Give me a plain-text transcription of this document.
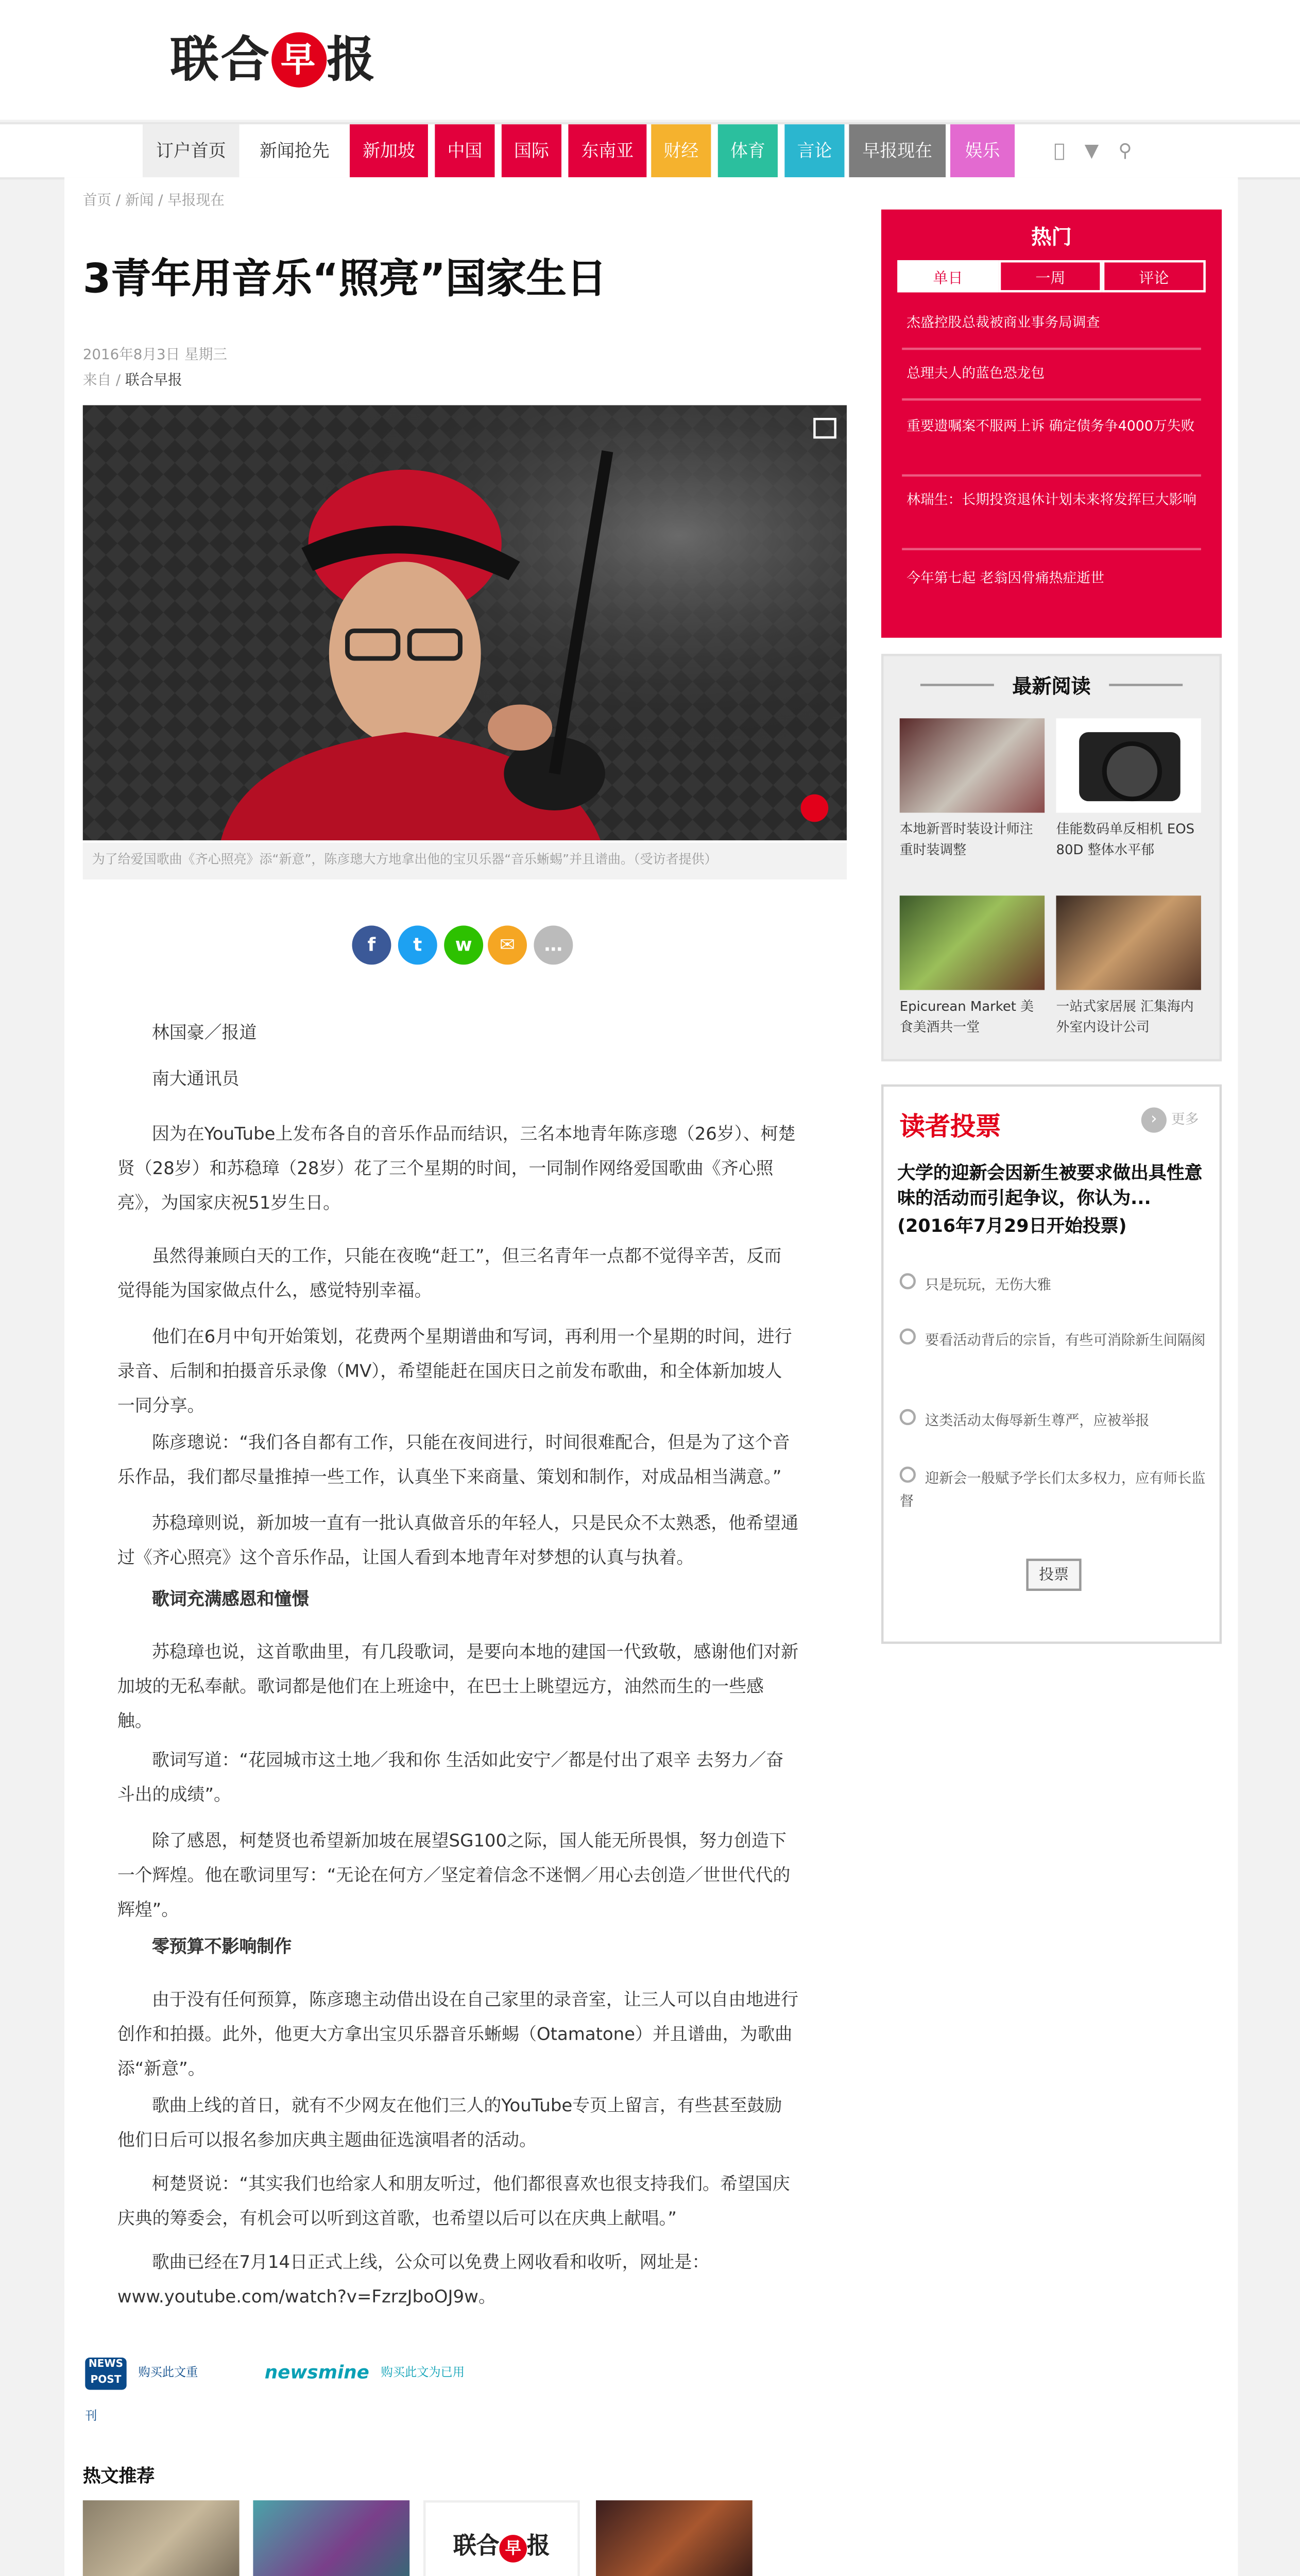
联合 早 报
订户首页	新闻抢先	新加坡	中国	国际	东南亚	财经	体育	言论	早报现在	娱乐	▼	⚲
首页 / 新闻 / 早报现在
3青年用音乐“照亮”国家生日
2016年8月3日 星期三
来自 / 联合早报
为了给爱国歌曲《齐心照亮》添“新意”，陈彦璁大方地拿出他的宝贝乐器“音乐蜥蜴”并且谱曲。（受访者提供）
f	t	w	✉	…

林国豪／报道

南大通讯员

因为在YouTube上发布各自的音乐作品而结识，三名本地青年陈彦璁（26岁）、柯楚贤（28岁）和苏稳璋（28岁）花了三个星期的时间，一同制作网络爱国歌曲《齐心照亮》，为国家庆祝51岁生日。

虽然得兼顾白天的工作，只能在夜晚“赶工”，但三名青年一点都不觉得辛苦，反而觉得能为国家做点什么，感觉特别幸福。

他们在6月中旬开始策划，花费两个星期谱曲和写词，再利用一个星期的时间，进行录音、后制和拍摄音乐录像（MV），希望能赶在国庆日之前发布歌曲，和全体新加坡人一同分享。

陈彦璁说：“我们各自都有工作，只能在夜间进行，时间很难配合，但是为了这个音乐作品，我们都尽量推掉一些工作，认真坐下来商量、策划和制作，对成品相当满意。”

苏稳璋则说，新加坡一直有一批认真做音乐的年轻人，只是民众不太熟悉，他希望通过《齐心照亮》这个音乐作品，让国人看到本地青年对梦想的认真与执着。

歌词充满感恩和憧憬

苏稳璋也说，这首歌曲里，有几段歌词，是要向本地的建国一代致敬，感谢他们对新加坡的无私奉献。歌词都是他们在上班途中，在巴士上眺望远方，油然而生的一些感触。

歌词写道：“花园城市这土地／我和你 生活如此安宁／都是付出了艰辛 去努力／奋斗出的成绩”。

除了感恩，柯楚贤也希望新加坡在展望SG100之际，国人能无所畏惧，努力创造下一个辉煌。他在歌词里写：“无论在何方／坚定着信念不迷惘／用心去创造／世世代代的辉煌”。

零预算不影响制作

由于没有任何预算，陈彦璁主动借出设在自己家里的录音室，让三人可以自由地进行创作和拍摄。此外，他更大方拿出宝贝乐器音乐蜥蜴（Otamatone）并且谱曲，为歌曲添“新意”。

歌曲上线的首日，就有不少网友在他们三人的YouTube专页上留言，有些甚至鼓励他们日后可以报名参加庆典主题曲征选演唱者的活动。

柯楚贤说：“其实我们也给家人和朋友听过，他们都很喜欢也很支持我们。希望国庆庆典的筹委会，有机会可以听到这首歌，也希望以后可以在庆典上献唱。”

歌曲已经在7月14日正式上线，公众可以免费上网收看和收听，网址是：www.youtube.com/watch?v=FzrzJboOJ9w。

NEWS POST	购买此文重刊
newsmine	购买此文为已用
热文推荐
联合 早 报

热门
单日	一周	评论
杰盛控股总裁被商业事务局调查
总理夫人的蓝色恐龙包
重要遗嘱案不服两上诉 确定债务争4000万失败
林瑞生：长期投资退休计划未来将发挥巨大影响
今年第七起 老翁因骨痛热症逝世
最新阅读
本地新晋时装设计师注重时装调整
佳能数码单反相机 EOS 80D 整体水平郁
Epicurean Market 美食美酒共一堂
一站式家居展 汇集海内外室内设计公司
读者投票	›	更多
大学的迎新会因新生被要求做出具性意味的活动而引起争议，你认为...(2016年7月29日开始投票)
只是玩玩，无伤大雅
要看活动背后的宗旨，有些可消除新生间隔阂
这类活动太侮辱新生尊严，应被举报
迎新会一般赋予学长们太多权力，应有师长监督
投票
